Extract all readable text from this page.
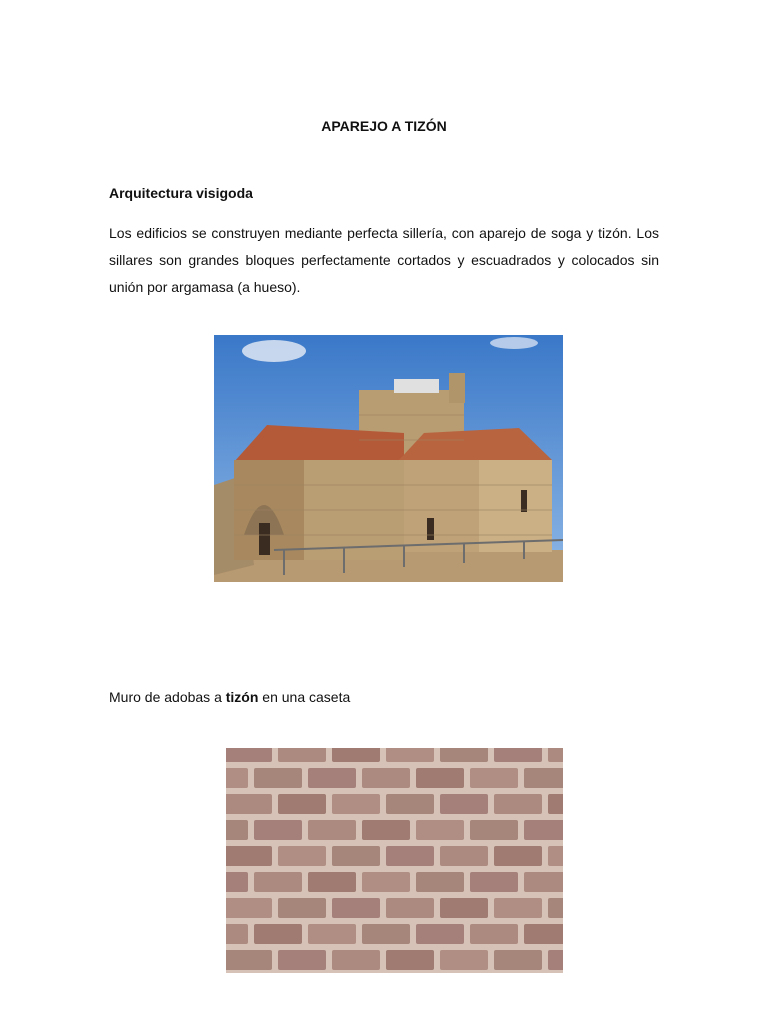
APAREJO A TIZÓN
Arquitectura visigoda
Los edificios se construyen mediante perfecta sillería, con aparejo de soga y tizón. Los sillares son grandes bloques perfectamente cortados y escuadrados y colocados sin unión por argamasa (a hueso).
Muro de adobas a tizón en una caseta
